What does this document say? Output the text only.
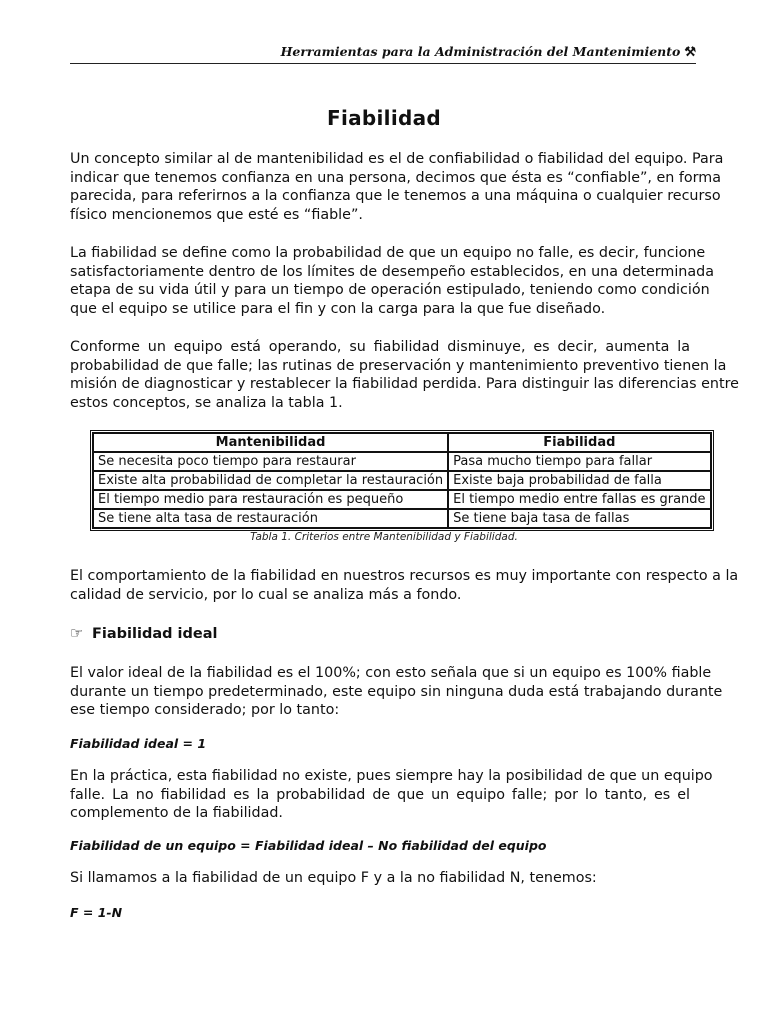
Herramientas para la Administración del Mantenimiento ⚒
Fiabilidad
Un concepto similar al de mantenibilidad es el de confiabilidad o fiabilidad del equipo. Para
indicar que tenemos confianza en una persona, decimos que ésta es “confiable”, en forma
parecida, para referirnos a la confianza que le tenemos a una máquina o cualquier recurso
físico mencionemos que esté es “fiable”.
La fiabilidad se define como la probabilidad de que un equipo no falle, es decir, funcione
satisfactoriamente dentro de los límites de desempeño establecidos, en una determinada
etapa de su vida útil y para un tiempo de operación estipulado, teniendo como condición
que el equipo se utilice para el fin y con la carga para la que fue diseñado.
Conforme un equipo está operando, su fiabilidad disminuye, es decir, aumenta la
probabilidad de que falle; las rutinas de preservación y mantenimiento preventivo tienen la
misión de diagnosticar y restablecer la fiabilidad perdida. Para distinguir las diferencias entre
estos conceptos, se analiza la tabla 1.
Mantenibilidad	Fiabilidad
Se necesita poco tiempo para restaurar	Pasa mucho tiempo para fallar
Existe alta probabilidad de completar la restauración	Existe baja probabilidad de falla
El tiempo medio para restauración es pequeño	El tiempo medio entre fallas es grande
Se tiene alta tasa de restauración	Se tiene baja tasa de fallas
Tabla 1. Criterios entre Mantenibilidad y Fiabilidad.
El comportamiento de la fiabilidad en nuestros recursos es muy importante con respecto a la
calidad de servicio, por lo cual se analiza más a fondo.
☞ Fiabilidad ideal
El valor ideal de la fiabilidad es el 100%; con esto señala que si un equipo es 100% fiable
durante un tiempo predeterminado, este equipo sin ninguna duda está trabajando durante
ese tiempo considerado; por lo tanto:
Fiabilidad ideal = 1
En la práctica, esta fiabilidad no existe, pues siempre hay la posibilidad de que un equipo
falle. La no fiabilidad es la probabilidad de que un equipo falle; por lo tanto, es el
complemento de la fiabilidad.
Fiabilidad de un equipo = Fiabilidad ideal – No fiabilidad del equipo
Si llamamos a la fiabilidad de un equipo F y a la no fiabilidad N, tenemos:
F = 1-N
